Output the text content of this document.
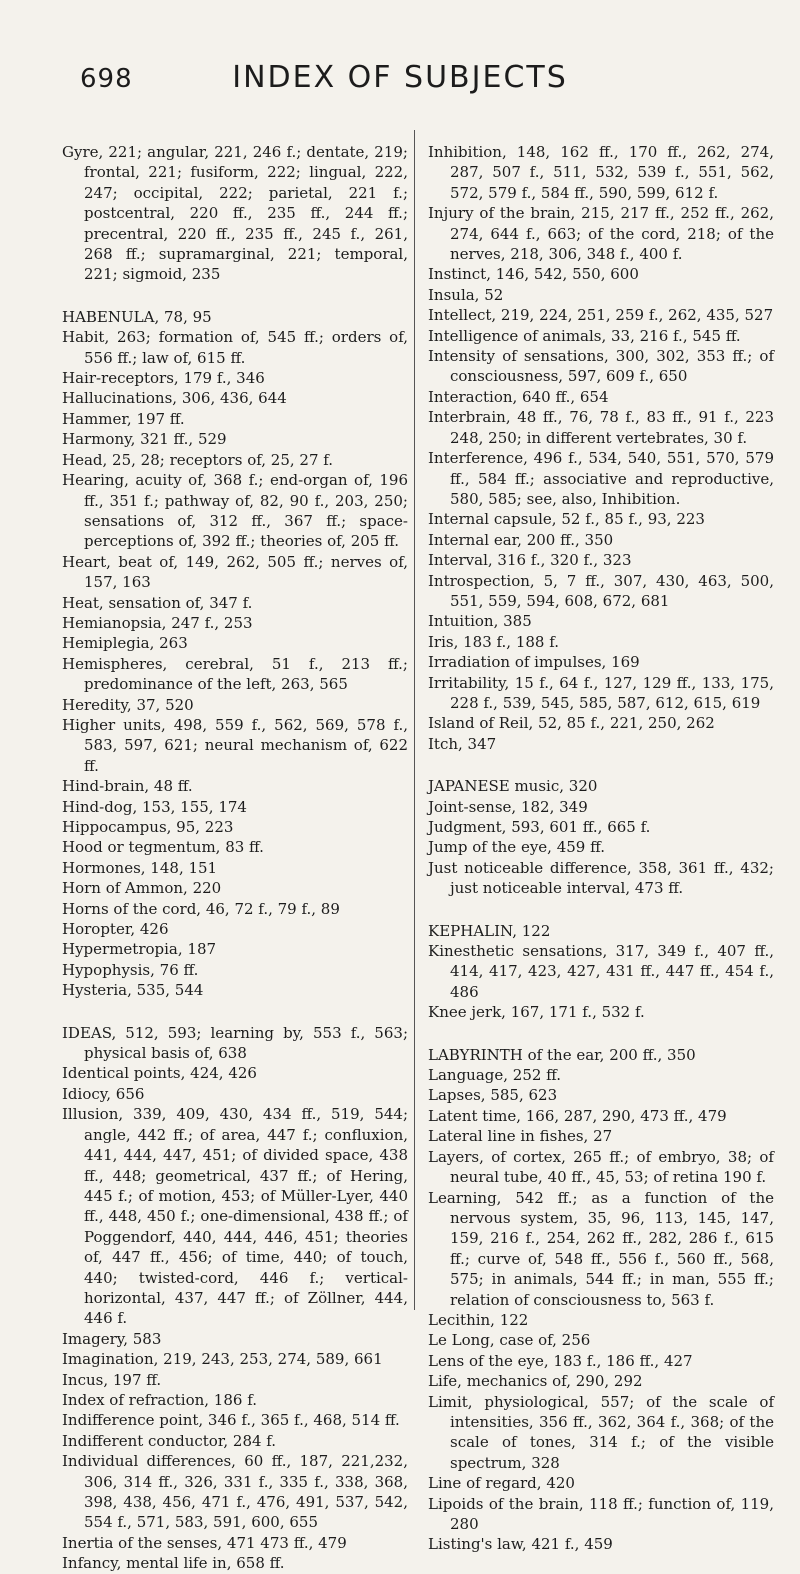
698	INDEX OF SUBJECTS

Gyre, 221; angular, 221, 246 f.; dentate, 219; frontal, 221; fusiform, 222; lingual, 222, 247; occipital, 222; parietal, 221 f.; postcentral, 220 ff., 235 ff., 244 ff.; precentral, 220 ff., 235 ff., 245 f., 261, 268 ff.; supramarginal, 221; temporal, 221; sigmoid, 235

HABENULA, 78, 95

Habit, 263; formation of, 545 ff.; orders of, 556 ff.; law of, 615 ff.

Hair-receptors, 179 f., 346

Hallucinations, 306, 436, 644

Hammer, 197 ff.

Harmony, 321 ff., 529

Head, 25, 28; receptors of, 25, 27 f.

Hearing, acuity of, 368 f.; end-organ of, 196 ff., 351 f.; pathway of, 82, 90 f., 203, 250; sensations of, 312 ff., 367 ff.; space-perceptions of, 392 ff.; theories of, 205 ff.

Heart, beat of, 149, 262, 505 ff.; nerves of, 157, 163

Heat, sensation of, 347 f.

Hemianopsia, 247 f., 253

Hemiplegia, 263

Hemispheres, cerebral, 51 f., 213 ff.; predominance of the left, 263, 565

Heredity, 37, 520

Higher units, 498, 559 f., 562, 569, 578 f., 583, 597, 621; neural mechanism of, 622 ff.

Hind-brain, 48 ff.

Hind-dog, 153, 155, 174

Hippocampus, 95, 223

Hood or tegmentum, 83 ff.

Hormones, 148, 151

Horn of Ammon, 220

Horns of the cord, 46, 72 f., 79 f., 89

Horopter, 426

Hypermetropia, 187

Hypophysis, 76 ff.

Hysteria, 535, 544

IDEAS, 512, 593; learning by, 553 f., 563; physical basis of, 638

Identical points, 424, 426

Idiocy, 656

Illusion, 339, 409, 430, 434 ff., 519, 544; angle, 442 ff.; of area, 447 f.; confluxion, 441, 444, 447, 451; of divided space, 438 ff., 448; geometrical, 437 ff.; of Hering, 445 f.; of motion, 453; of Müller-Lyer, 440 ff., 448, 450 f.; one-dimensional, 438 ff.; of Poggendorf, 440, 444, 446, 451; theories of, 447 ff., 456; of time, 440; of touch, 440; twisted-cord, 446 f.; vertical-horizontal, 437, 447 ff.; of Zöllner, 444, 446 f.

Imagery, 583

Imagination, 219, 243, 253, 274, 589, 661

Incus, 197 ff.

Index of refraction, 186 f.

Indifference point, 346 f., 365 f., 468, 514 ff.

Indifferent conductor, 284 f.

Individual differences, 60 ff., 187, 221,232, 306, 314 ff., 326, 331 f., 335 f., 338, 368, 398, 438, 456, 471 f., 476, 491, 537, 542, 554 f., 571, 583, 591, 600, 655

Inertia of the senses, 471 473 ff., 479

Infancy, mental life in, 658 ff.

Inhibition, 148, 162 ff., 170 ff., 262, 274, 287, 507 f., 511, 532, 539 f., 551, 562, 572, 579 f., 584 ff., 590, 599, 612 f.

Injury of the brain, 215, 217 ff., 252 ff., 262, 274, 644 f., 663; of the cord, 218; of the nerves, 218, 306, 348 f., 400 f.

Instinct, 146, 542, 550, 600

Insula, 52

Intellect, 219, 224, 251, 259 f., 262, 435, 527

Intelligence of animals, 33, 216 f., 545 ff.

Intensity of sensations, 300, 302, 353 ff.; of consciousness, 597, 609 f., 650

Interaction, 640 ff., 654

Interbrain, 48 ff., 76, 78 f., 83 ff., 91 f., 223 248, 250; in different vertebrates, 30 f.

Interference, 496 f., 534, 540, 551, 570, 579 ff., 584 ff.; associative and reproductive, 580, 585; see, also, Inhibition.

Internal capsule, 52 f., 85 f., 93, 223

Internal ear, 200 ff., 350

Interval, 316 f., 320 f., 323

Introspection, 5, 7 ff., 307, 430, 463, 500, 551, 559, 594, 608, 672, 681

Intuition, 385

Iris, 183 f., 188 f.

Irradiation of impulses, 169

Irritability, 15 f., 64 f., 127, 129 ff., 133, 175, 228 f., 539, 545, 585, 587, 612, 615, 619

Island of Reil, 52, 85 f., 221, 250, 262

Itch, 347

JAPANESE music, 320

Joint-sense, 182, 349

Judgment, 593, 601 ff., 665 f.

Jump of the eye, 459 ff.

Just noticeable difference, 358, 361 ff., 432; just noticeable interval, 473 ff.

KEPHALIN, 122

Kinesthetic sensations, 317, 349 f., 407 ff., 414, 417, 423, 427, 431 ff., 447 ff., 454 f., 486

Knee jerk, 167, 171 f., 532 f.

LABYRINTH of the ear, 200 ff., 350

Language, 252 ff.

Lapses, 585, 623

Latent time, 166, 287, 290, 473 ff., 479

Lateral line in fishes, 27

Layers, of cortex, 265 ff.; of embryo, 38; of neural tube, 40 ff., 45, 53; of retina 190 f.

Learning, 542 ff.; as a function of the nervous system, 35, 96, 113, 145, 147, 159, 216 f., 254, 262 ff., 282, 286 f., 615 ff.; curve of, 548 ff., 556 f., 560 ff., 568, 575; in animals, 544 ff.; in man, 555 ff.; relation of consciousness to, 563 f.

Lecithin, 122

Le Long, case of, 256

Lens of the eye, 183 f., 186 ff., 427

Life, mechanics of, 290, 292

Limit, physiological, 557; of the scale of intensities, 356 ff., 362, 364 f., 368; of the scale of tones, 314 f.; of the visible spectrum, 328

Line of regard, 420

Lipoids of the brain, 118 ff.; function of, 119, 280

Listing's law, 421 f., 459
